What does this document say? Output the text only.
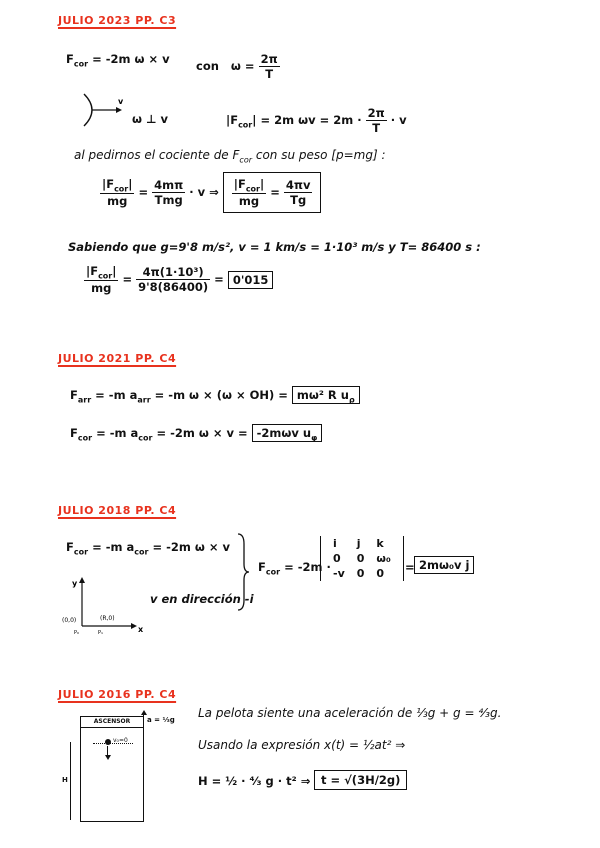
JULIO 2023 PP. C3
$F_{cor} = -2m$ ω × v con $\omega = \frac{2\pi}{T}$
v
ω ⊥ v	$|F_{cor}| = 2m$ $\omega v = 2m \cdot \frac{2\pi}{T} \cdot v$
al pedirnos el cociente de $F_{cor}$ con su peso [p=mg] :
$\frac{|F_{cor}|}{mg} = \frac{4m\pi}{\text{Tmg}} \cdot v$ ⇒ $\frac{|F_{cor}|}{mg} = \frac{4\pi v}{Tg}$
Sabiendo que g=9'8 m/s², v = 1 km/s = 1·10³ m/s y T= 86400 s :
$\frac{|F_{cor}|}{mg} = \frac{\text{4π(1·10³)}}{9'8(86400)} = 0'015$
JULIO 2021 PP. C4
$F_{arr} = -m$ $a_{arr} = -m$ ω × (ω × OH) = mω² R $u_\rho$
$F_{cor} = -m$ $a_{cor} = -2m$ ω × v = -2mωv $u_\varphi$
JULIO 2018 PP. C4
$F_{cor} = -m$ $a_{cor} = -2m$ ω × v
y
x
(0,0)	(R,0)
P₀	P₁
v en dirección -i
$F_{cor} = -2m$ ·
i	j	k
0	0	ω₀
-v	0	0 = 2mω₀v j
JULIO 2016 PP. C4
ASCENSOR
v₀=0
H
a = ⅓g La pelota siente una aceleración de ⅓g + g = ⁴⁄₃g.
Usando la expresión x(t) = ½at² ⇒
H = ½ · ⁴⁄₃ g · t² ⇒ t = √(3H/2g)
